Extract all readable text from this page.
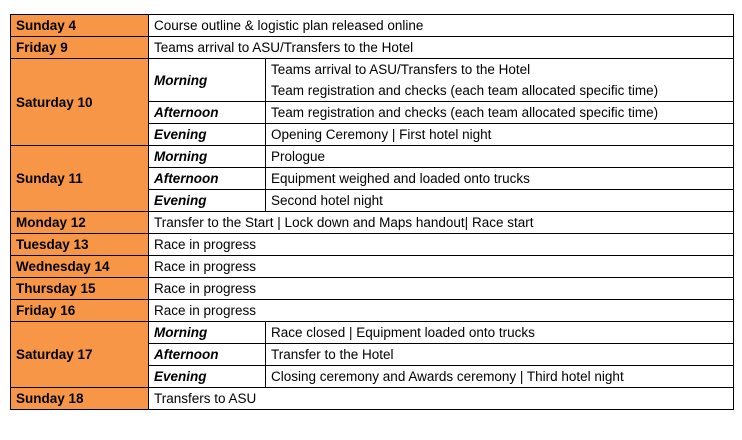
Sunday 4	Course outline & logistic plan released online	
Friday 9	Teams arrival to ASU/Transfers to the Hotel	
Saturday 10	Morning	Teams arrival to ASU/Transfers to the Hotel
Team registration and checks (each team allocated specific time)

	Afternoon	Team registration and checks (each team allocated specific time)
	Evening	Opening Ceremony | First hotel night
Sunday 11	Morning	Prologue
	Afternoon	Equipment weighed and loaded onto trucks
	Evening	Second hotel night
Monday 12	Transfer to the Start | Lock down and Maps handout| Race start	
Tuesday 13	Race in progress	
Wednesday 14	Race in progress	
Thursday 15	Race in progress	
Friday 16	Race in progress	
Saturday 17	Morning	Race closed | Equipment loaded onto trucks
	Afternoon	Transfer to the Hotel
	Evening	Closing ceremony and Awards ceremony | Third hotel night
Sunday 18	Transfers to ASU	
